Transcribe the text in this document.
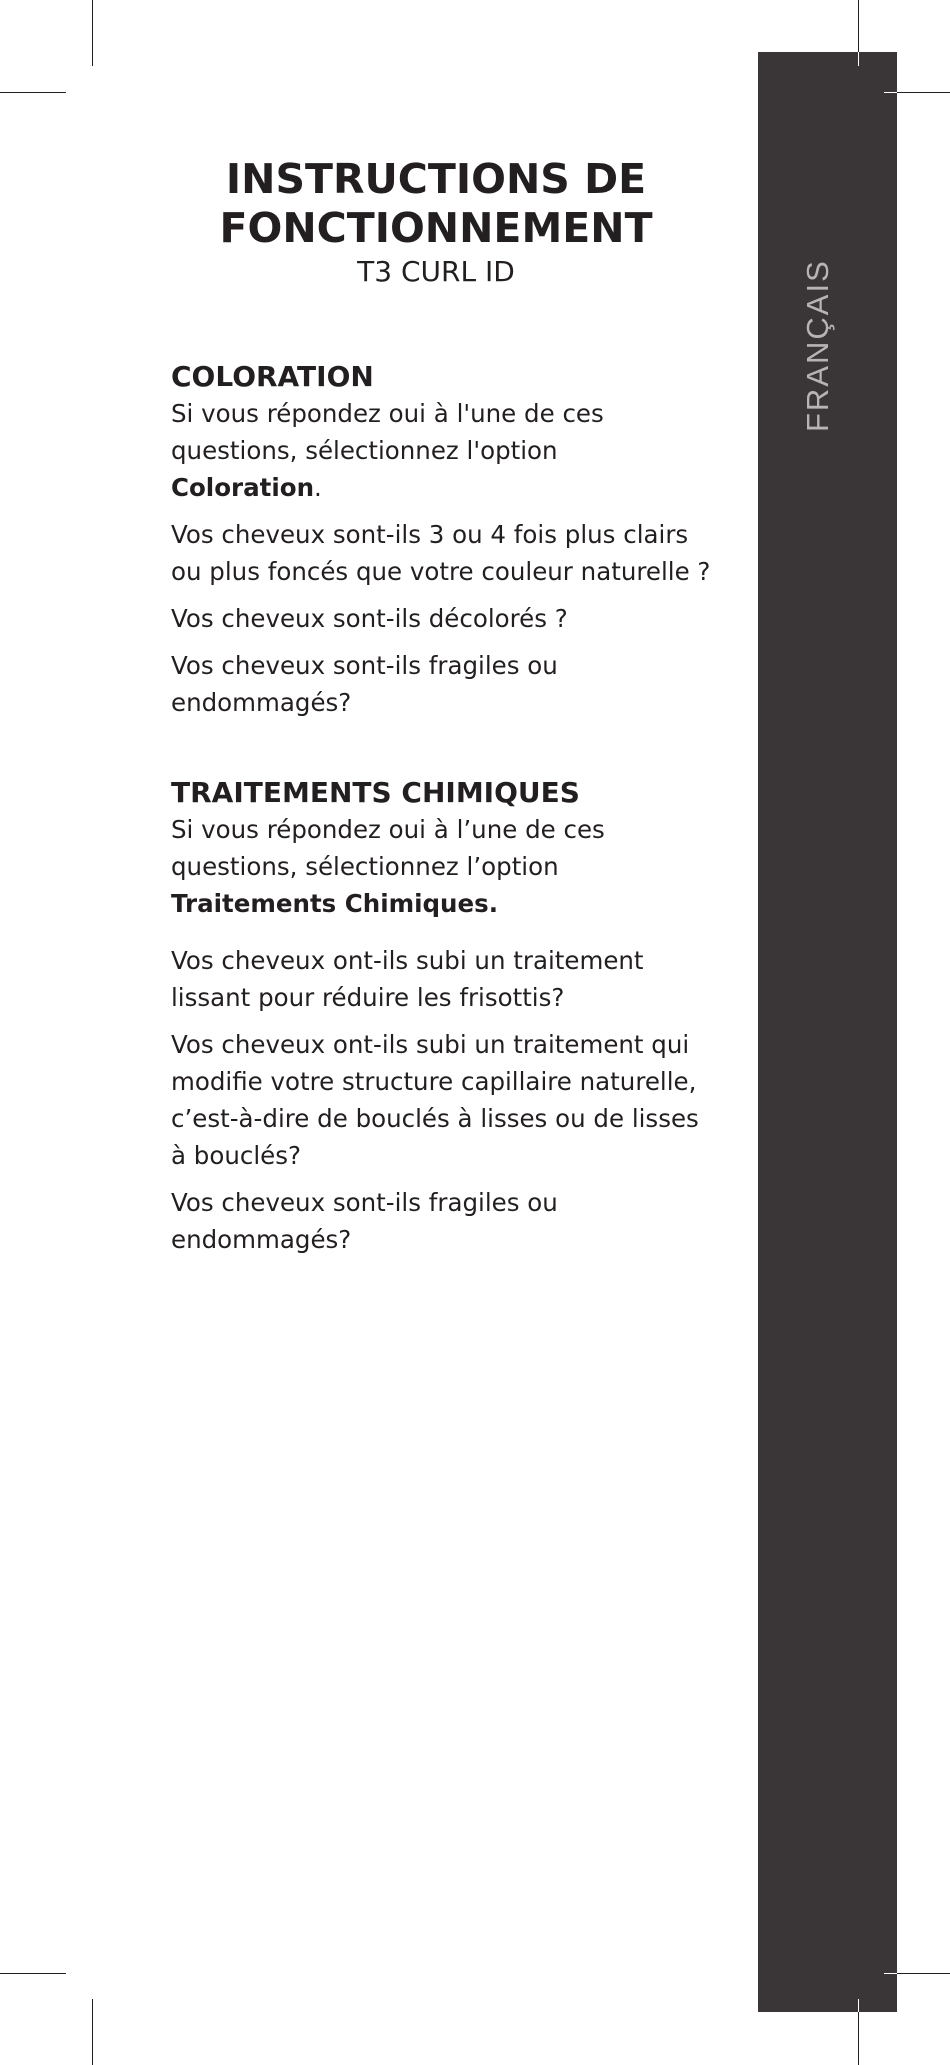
FRANÇAIS
INSTRUCTIONS DE
FONCTIONNEMENT
T3 CURL ID
COLORATION

Si vous répondez oui à l'une de ces
questions, sélectionnez l'option
Coloration.

Vos cheveux sont-ils 3 ou 4 fois plus clairs
ou plus foncés que votre couleur naturelle ?

Vos cheveux sont-ils décolorés ?

Vos cheveux sont-ils fragiles ou
endommagés?

TRAITEMENTS CHIMIQUES

Si vous répondez oui à l’une de ces
questions, sélectionnez l’option
Traitements Chimiques.

Vos cheveux ont-ils subi un traitement
lissant pour réduire les frisottis?

Vos cheveux ont-ils subi un traitement qui
modifie votre structure capillaire naturelle,
c’est-à-dire de bouclés à lisses ou de lisses
à bouclés?

Vos cheveux sont-ils fragiles ou
endommagés?
